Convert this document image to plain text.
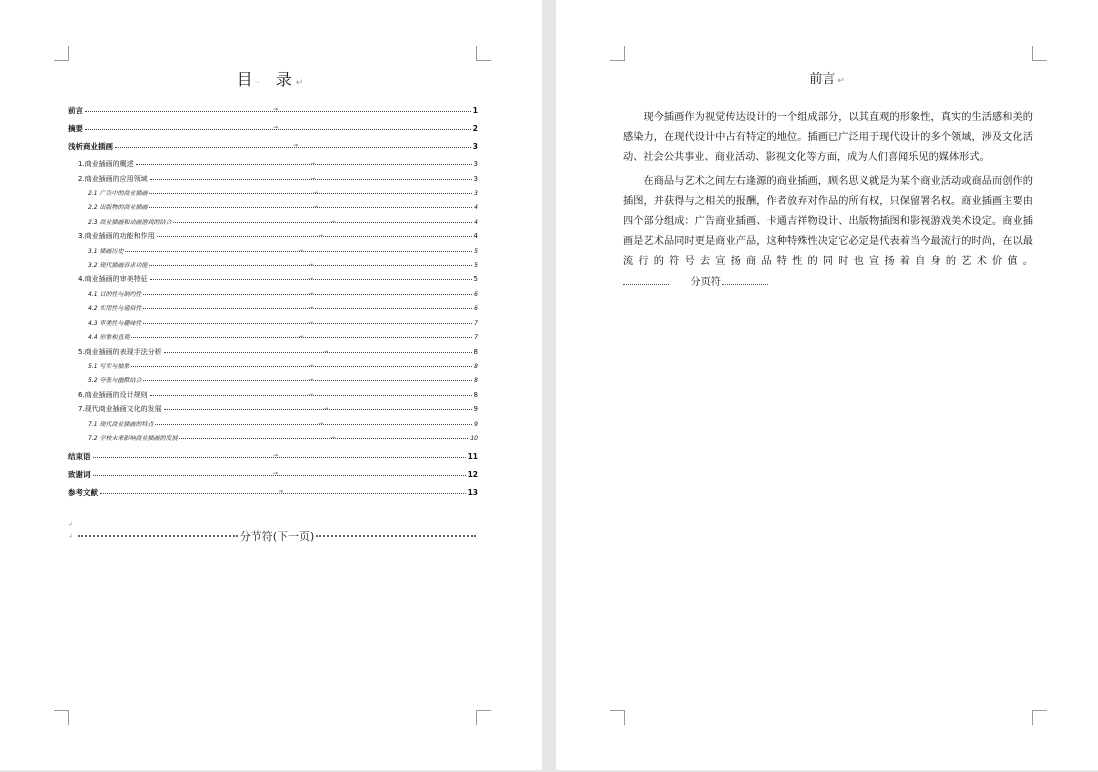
目·· 录 ↵
前言	1
→
摘要	2
→
浅析商业插画	3
→
1.商业插画的概述	3
→
2.商业插画的应用领域	3
→
2.1 广告中的商业插画	3
→
2.2 出版物的商业插画	4
→
2.3 商业插画和动画游戏的结合	4
→
3.商业插画的功能和作用	4
→
3.1 插画历史	5
→
3.2 现代插画诉求功能	5
→
4.商业插画的审美特征	5
→
4.1 目的性与制约性	6
→
4.2 实用性与通俗性	6
→
4.3 审美性与趣味性	7
→
4.4 形象和直观	7
→
5.商业插画的表现手法分析	8
→
5.1 写实与抽象	8
→
5.2 夸张与幽默结合	8
→
6.商业插画的设计规则	8
→
7.现代商业插画文化的发展	9
→
7.1 现代商业插画的特点	9
→
7.2 学校未来影响商业插画的发展	10
→
结束语	11
→
致谢词	12
→
参考文献	13
→
↲
↲	分节符(下一页)
前言 ↵

现今插画作为视觉传达设计的一个组成部分，以其直观的形象性，真实的生活感和美的感染力，在现代设计中占有特定的地位。插画已广泛用于现代设计的多个领域，涉及文化活动、社会公共事业、商业活动、影视文化等方面，成为人们喜闻乐见的媒体形式。

在商品与艺术之间左右逢源的商业插画，顾名思义就是为某个商业活动或商品而创作的插图，并获得与之相关的报酬，作者放弃对作品的所有权，只保留署名权。商业插画主要由四个部分组成：广告商业插画、卡通吉祥物设计、出版物插图和影视游戏美术设定。商业插画是艺术品同时更是商业产品，这种特殊性决定它必定是代表着当今最流行的时尚，在以最流行的符号去宣扬商品特性的同时也宣扬着自身的艺术价值。
分页符
